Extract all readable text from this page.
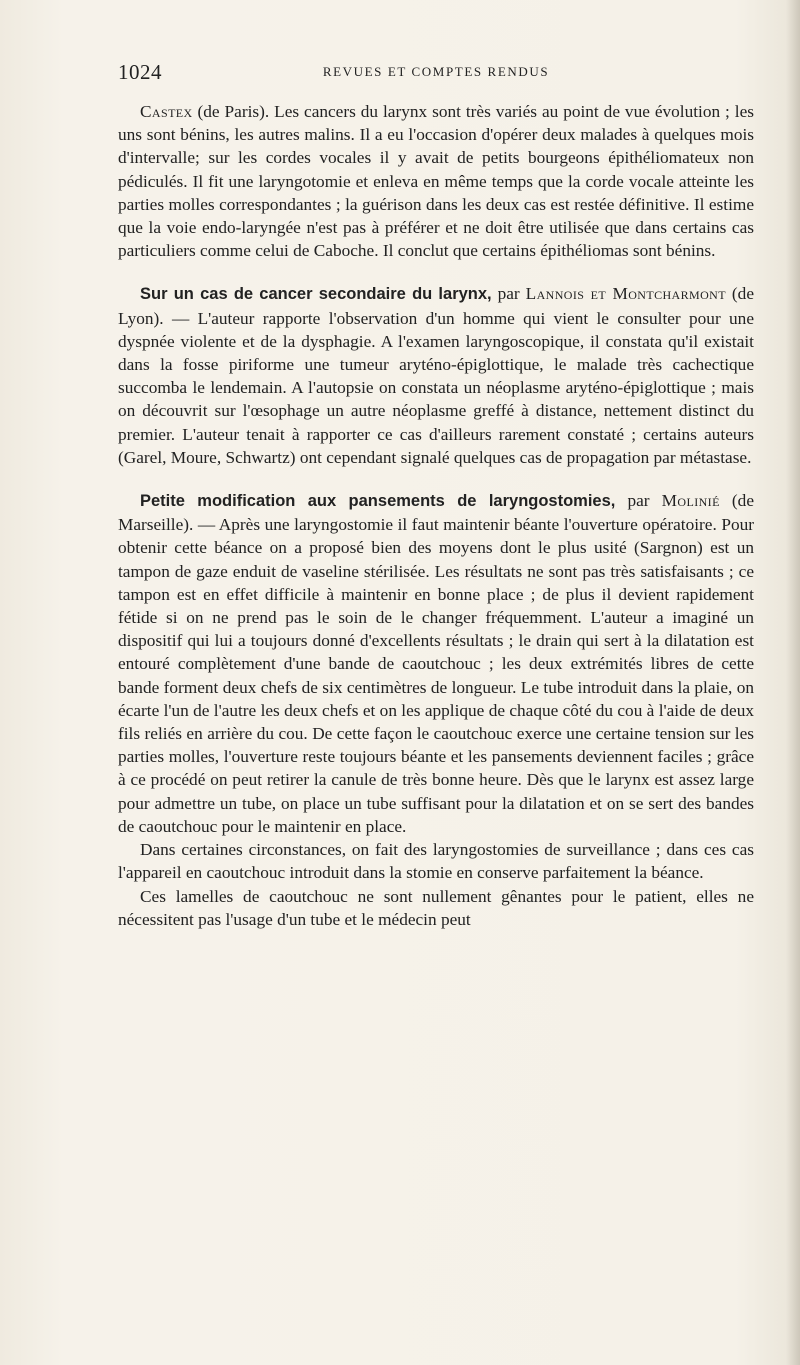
1024	REVUES ET COMPTES RENDUS

Castex (de Paris). Les cancers du larynx sont très variés au point de vue évolution ; les uns sont bénins, les autres malins. Il a eu l'occasion d'opérer deux malades à quelques mois d'intervalle; sur les cordes vocales il y avait de petits bourgeons épithéliomateux non pédiculés. Il fit une laryngotomie et enleva en même temps que la corde vocale atteinte les parties molles correspondantes ; la guérison dans les deux cas est restée définitive. Il estime que la voie endo-laryngée n'est pas à préférer et ne doit être utilisée que dans certains cas particuliers comme celui de Caboche. Il conclut que certains épithéliomas sont bénins.

Sur un cas de cancer secondaire du larynx, par Lannois et Montcharmont (de Lyon). — L'auteur rapporte l'observation d'un homme qui vient le consulter pour une dyspnée violente et de la dysphagie. A l'examen laryngoscopique, il constata qu'il existait dans la fosse piriforme une tumeur aryténo-épiglottique, le malade très cachectique succomba le lendemain. A l'autopsie on constata un néoplasme aryténo-épiglottique ; mais on découvrit sur l'œsophage un autre néoplasme greffé à distance, nettement distinct du premier. L'auteur tenait à rapporter ce cas d'ailleurs rarement constaté ; certains auteurs (Garel, Moure, Schwartz) ont cependant signalé quelques cas de propagation par métastase.

Petite modification aux pansements de laryngostomies, par Molinié (de Marseille). — Après une laryngostomie il faut maintenir béante l'ouverture opératoire. Pour obtenir cette béance on a proposé bien des moyens dont le plus usité (Sargnon) est un tampon de gaze enduit de vaseline stérilisée. Les résultats ne sont pas très satisfaisants ; ce tampon est en effet difficile à maintenir en bonne place ; de plus il devient rapidement fétide si on ne prend pas le soin de le changer fréquemment. L'auteur a imaginé un dispositif qui lui a toujours donné d'excellents résultats ; le drain qui sert à la dilatation est entouré complètement d'une bande de caoutchouc ; les deux extrémités libres de cette bande forment deux chefs de six centimètres de longueur. Le tube introduit dans la plaie, on écarte l'un de l'autre les deux chefs et on les applique de chaque côté du cou à l'aide de deux fils reliés en arrière du cou. De cette façon le caoutchouc exerce une certaine tension sur les parties molles, l'ouverture reste toujours béante et les pansements deviennent faciles ; grâce à ce procédé on peut retirer la canule de très bonne heure. Dès que le larynx est assez large pour admettre un tube, on place un tube suffisant pour la dilatation et on se sert des bandes de caoutchouc pour le maintenir en place.

Dans certaines circonstances, on fait des laryngostomies de surveillance ; dans ces cas l'appareil en caoutchouc introduit dans la stomie en conserve parfaitement la béance.

Ces lamelles de caoutchouc ne sont nullement gênantes pour le patient, elles ne nécessitent pas l'usage d'un tube et le médecin peut
